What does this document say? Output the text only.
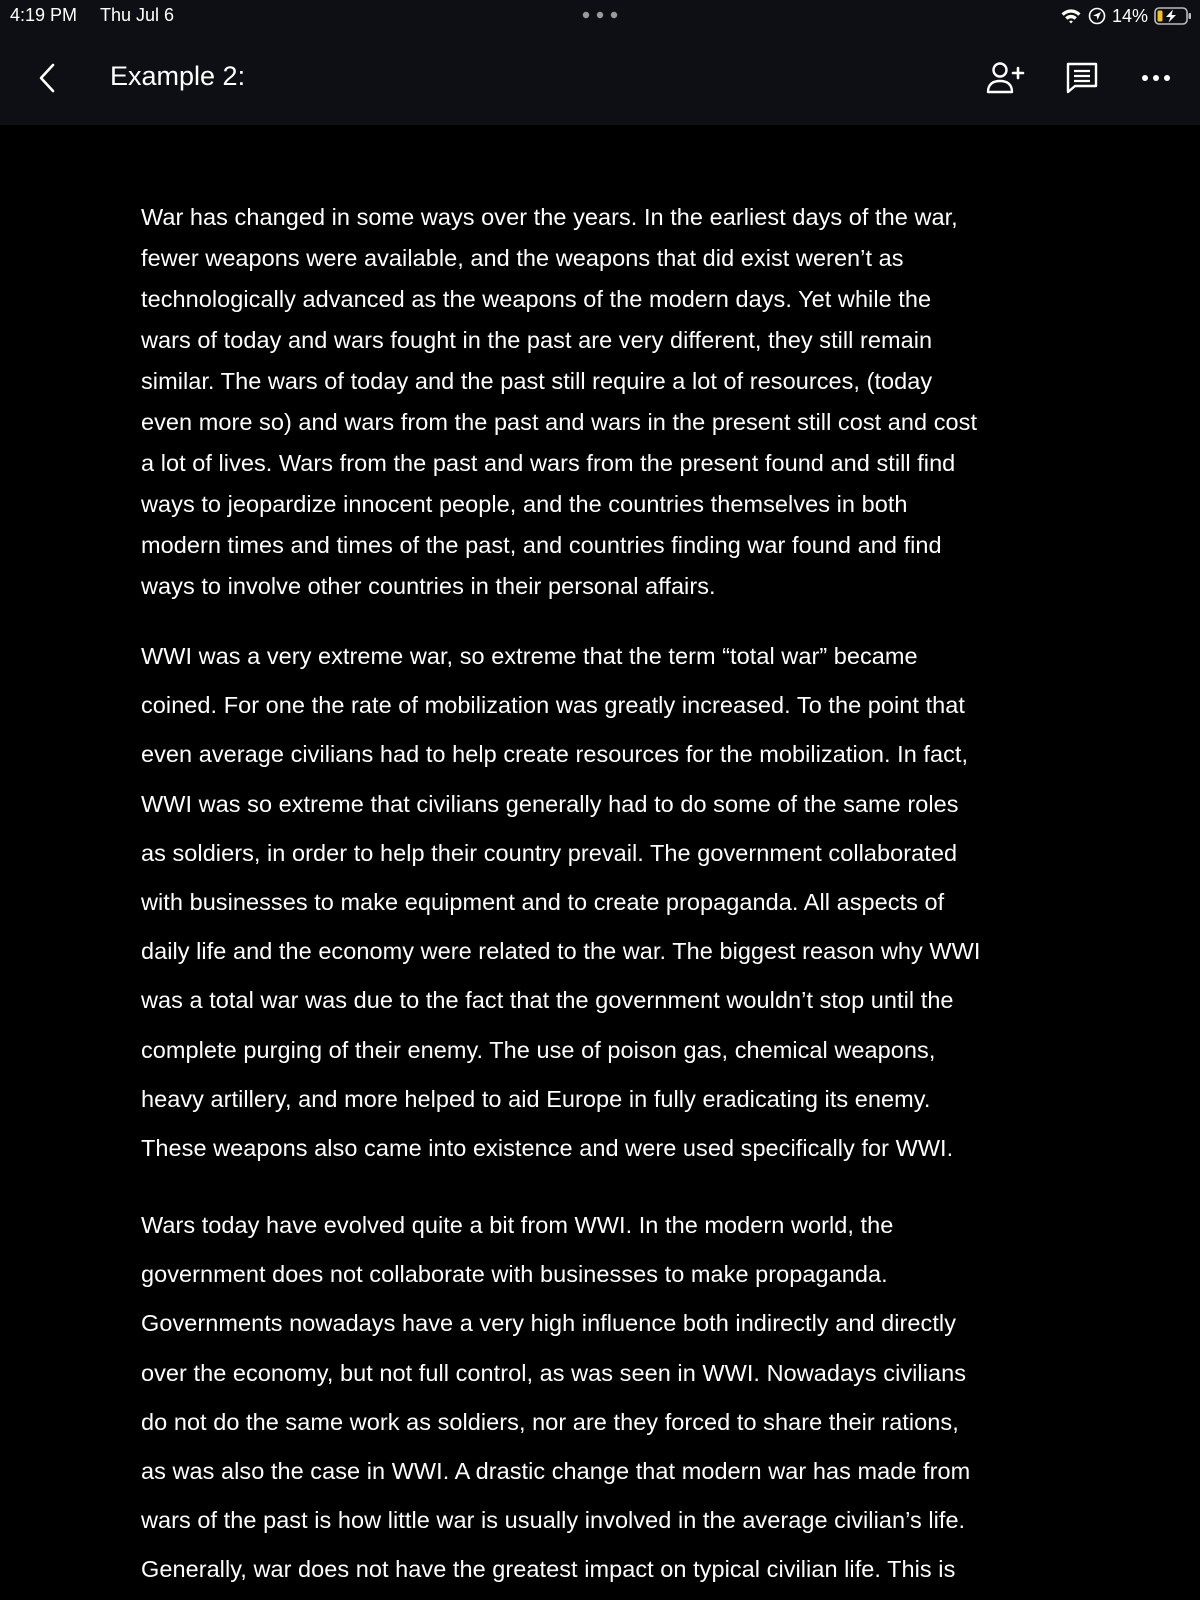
4:19 PM Thu Jul 6	14%
Example 2:

War has changed in some ways over the years. In the earliest days of the war,
fewer weapons were available, and the weapons that did exist weren’t as
technologically advanced as the weapons of the modern days. Yet while the
wars of today and wars fought in the past are very different, they still remain
similar. The wars of today and the past still require a lot of resources, (today
even more so) and wars from the past and wars in the present still cost and cost
a lot of lives. Wars from the past and wars from the present found and still find
ways to jeopardize innocent people, and the countries themselves in both
modern times and times of the past, and countries finding war found and find
ways to involve other countries in their personal affairs.

WWI was a very extreme war, so extreme that the term “total war” became
coined. For one the rate of mobilization was greatly increased. To the point that
even average civilians had to help create resources for the mobilization. In fact,
WWI was so extreme that civilians generally had to do some of the same roles
as soldiers, in order to help their country prevail. The government collaborated
with businesses to make equipment and to create propaganda. All aspects of
daily life and the economy were related to the war. The biggest reason why WWI
was a total war was due to the fact that the government wouldn’t stop until the
complete purging of their enemy. The use of poison gas, chemical weapons,
heavy artillery, and more helped to aid Europe in fully eradicating its enemy.
These weapons also came into existence and were used specifically for WWI.

Wars today have evolved quite a bit from WWI. In the modern world, the
government does not collaborate with businesses to make propaganda.
Governments nowadays have a very high influence both indirectly and directly
over the economy, but not full control, as was seen in WWI. Nowadays civilians
do not do the same work as soldiers, nor are they forced to share their rations,
as was also the case in WWI. A drastic change that modern war has made from
wars of the past is how little war is usually involved in the average civilian’s life.
Generally, war does not have the greatest impact on typical civilian life. This is
